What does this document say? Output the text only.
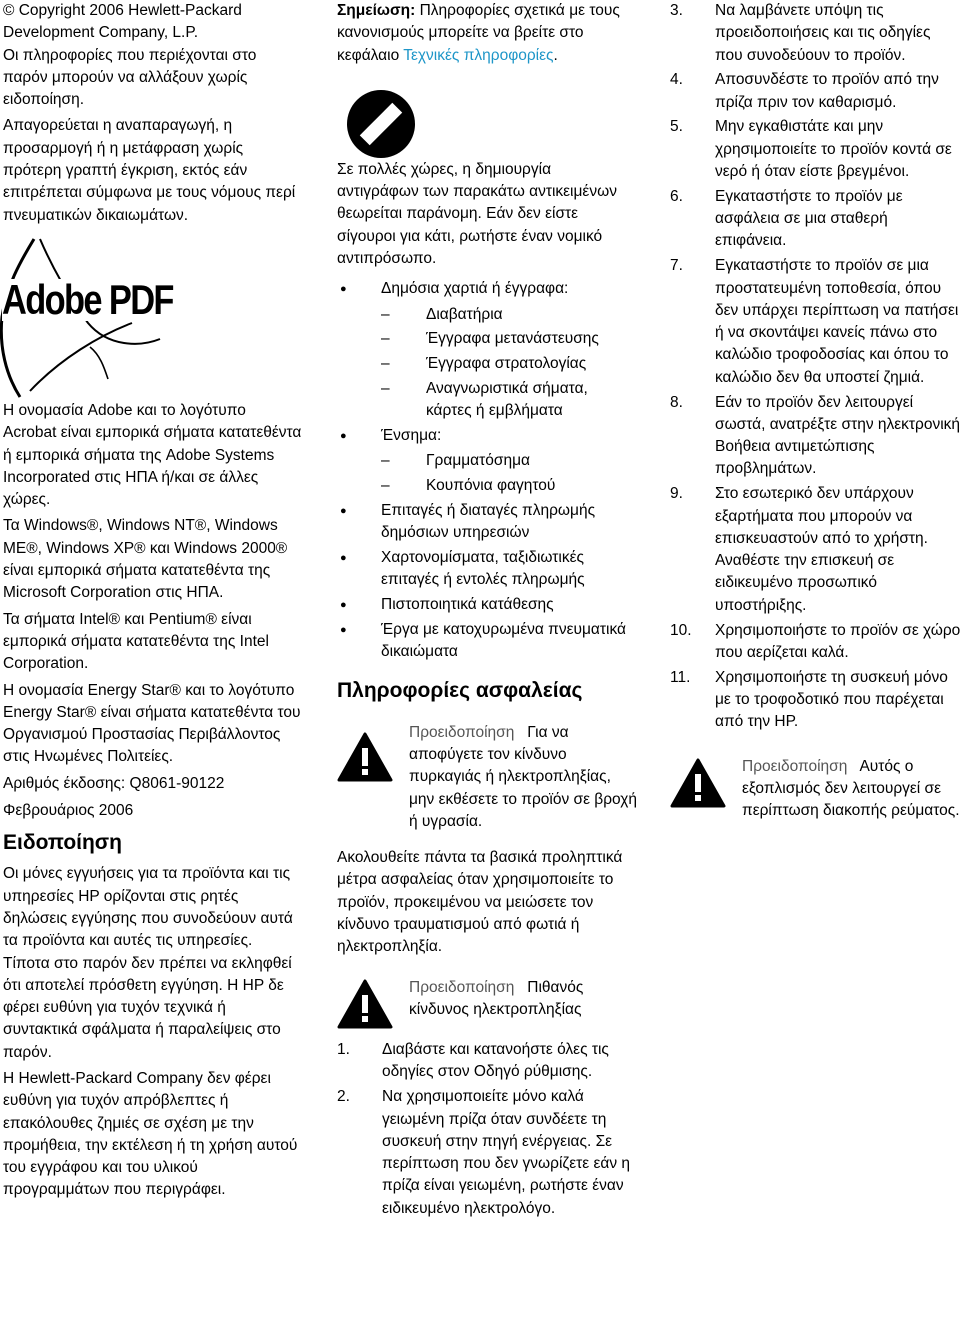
© Copyright 2006 Hewlett-Packard Development Company, L.P.

Οι πληροφορίες που περιέχονται στο παρόν μπορούν να αλλάξουν χωρίς ειδοποίηση.

Απαγορεύεται η αναπαραγωγή, η προσαρμογή ή η μετάφραση χωρίς πρότερη γραπτή έγκριση, εκτός εάν επιτρέπεται σύμφωνα με τους νόμους περί πνευματικών δικαιωμάτων.

Adobe PDF

Η ονομασία Adobe και το λογότυπο Acrobat είναι εμπορικά σήματα κατατεθέντα ή εμπορικά σήματα της Adobe Systems Incorporated στις ΗΠΑ ή/και σε άλλες χώρες.

Τα Windows®, Windows NT®, Windows ME®, Windows XP® και Windows 2000® είναι εμπορικά σήματα κατατεθέντα της Microsoft Corporation στις ΗΠΑ.

Τα σήματα Intel® και Pentium® είναι εμπορικά σήματα κατατεθέντα της Intel Corporation.

Η ονομασία Energy Star® και το λογότυπο Energy Star® είναι σήματα κατατεθέντα του Οργανισμού Προστασίας Περιβάλλοντος στις Ηνωμένες Πολιτείες.

Αριθμός έκδοσης: Q8061-90122

Φεβρουάριος 2006

Ειδοποίηση

Οι μόνες εγγυήσεις για τα προϊόντα και τις υπηρεσίες HP ορίζονται στις ρητές δηλώσεις εγγύησης που συνοδεύουν αυτά τα προϊόντα και αυτές τις υπηρεσίες. Τίποτα στο παρόν δεν πρέπει να εκληφθεί ότι αποτελεί πρόσθετη εγγύηση. Η HP δε φέρει ευθύνη για τυχόν τεχνικά ή συντακτικά σφάλματα ή παραλείψεις στο παρόν.

Η Hewlett-Packard Company δεν φέρει ευθύνη για τυχόν απρόβλεπτες ή επακόλουθες ζημιές σε σχέση με την προμήθεια, την εκτέλεση ή τη χρήση αυτού του εγγράφου και του υλικού προγραμμάτων που περιγράφει.

Σημείωση: Πληροφορίες σχετικά με τους κανονισμούς μπορείτε να βρείτε στο κεφάλαιο Τεχνικές πληροφορίες.

Σε πολλές χώρες, η δημιουργία αντιγράφων των παρακάτω αντικειμένων θεωρείται παράνομη. Εάν δεν είστε σίγουροι για κάτι, ρωτήστε έναν νομικό αντιπρόσωπο.

● Δημόσια χαρτιά ή έγγραφα:
– Διαβατήρια
– Έγγραφα μετανάστευσης
– Έγγραφα στρατολογίας
– Αναγνωριστικά σήματα, κάρτες ή εμβλήματα
● Ένσημα:
– Γραμματόσημα
– Κουπόνια φαγητού
● Επιταγές ή διαταγές πληρωμής δημόσιων υπηρεσιών
● Χαρτονομίσματα, ταξιδιωτικές επιταγές ή εντολές πληρωμής
● Πιστοποιητικά κατάθεσης
● Έργα με κατοχυρωμένα πνευματικά δικαιώματα
Πληροφορίες ασφαλείας

Προειδοποίηση Για να αποφύγετε τον κίνδυνο πυρκαγιάς ή ηλεκτροπληξίας, μην εκθέσετε το προϊόν σε βροχή ή υγρασία.

Ακολουθείτε πάντα τα βασικά προληπτικά μέτρα ασφαλείας όταν χρησιμοποιείτε το προϊόν, προκειμένου να μειώσετε τον κίνδυνο τραυματισμού από φωτιά ή ηλεκτροπληξία.

Προειδοποίηση Πιθανός κίνδυνος ηλεκτροπληξίας

1. Διαβάστε και κατανοήστε όλες τις οδηγίες στον Οδηγό ρύθμισης.
2. Να χρησιμοποιείτε μόνο καλά γειωμένη πρίζα όταν συνδέετε τη συσκευή στην πηγή ενέργειας. Σε περίπτωση που δεν γνωρίζετε εάν η πρίζα είναι γειωμένη, ρωτήστε έναν ειδικευμένο ηλεκτρολόγο.
3. Να λαμβάνετε υπόψη τις προειδοποιήσεις και τις οδηγίες που συνοδεύουν το προϊόν.
4. Αποσυνδέστε το προϊόν από την πρίζα πριν τον καθαρισμό.
5. Μην εγκαθιστάτε και μην χρησιμοποιείτε το προϊόν κοντά σε νερό ή όταν είστε βρεγμένοι.
6. Εγκαταστήστε το προϊόν με ασφάλεια σε μια σταθερή επιφάνεια.
7. Εγκαταστήστε το προϊόν σε μια προστατευμένη τοποθεσία, όπου δεν υπάρχει περίπτωση να πατήσει ή να σκοντάψει κανείς πάνω στο καλώδιο τροφοδοσίας και όπου το καλώδιο δεν θα υποστεί ζημιά.
8. Εάν το προϊόν δεν λειτουργεί σωστά, ανατρέξτε στην ηλεκτρονική Βοήθεια αντιμετώπισης προβλημάτων.
9. Στο εσωτερικό δεν υπάρχουν εξαρτήματα που μπορούν να επισκευαστούν από το χρήστη. Αναθέστε την επισκευή σε ειδικευμένο προσωπικό υποστήριξης.
10. Χρησιμοποιήστε το προϊόν σε χώρο που αερίζεται καλά.
11. Χρησιμοποιήστε τη συσκευή μόνο με το τροφοδοτικό που παρέχεται από την HP.

Προειδοποίηση Αυτός ο εξοπλισμός δεν λειτουργεί σε περίπτωση διακοπής ρεύματος.
